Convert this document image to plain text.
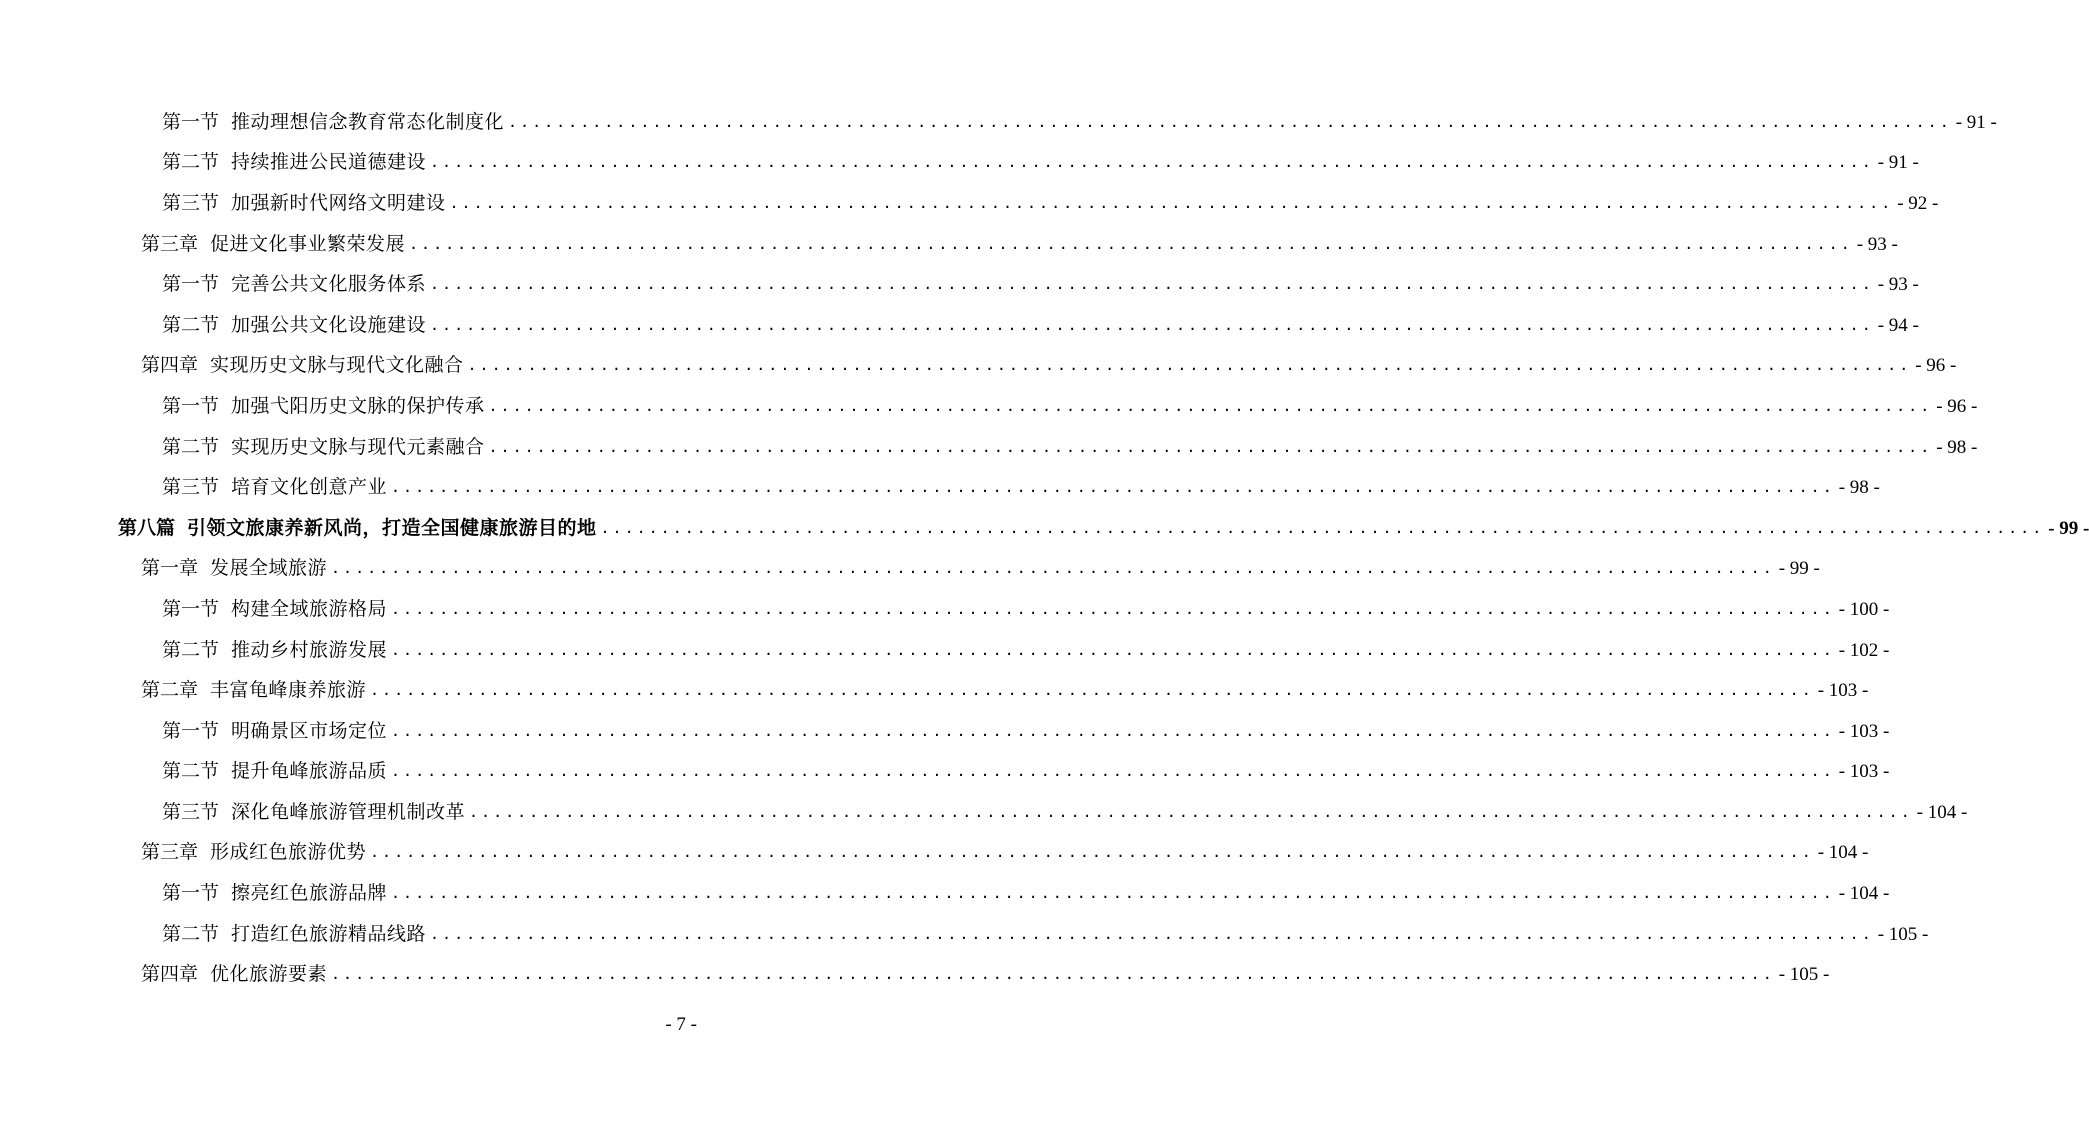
第一节 推动理想信念教育常态化制度化 ........................................................................................................................ - 91 -
第二节 持续推进公民道德建设 ........................................................................................................................ - 91 -
第三节 加强新时代网络文明建设 ........................................................................................................................ - 92 -
第三章 促进文化事业繁荣发展 ........................................................................................................................ - 93 -
第一节 完善公共文化服务体系 ........................................................................................................................ - 93 -
第二节 加强公共文化设施建设 ........................................................................................................................ - 94 -
第四章 实现历史文脉与现代文化融合 ........................................................................................................................ - 96 -
第一节 加强弋阳历史文脉的保护传承 ........................................................................................................................ - 96 -
第二节 实现历史文脉与现代元素融合 ........................................................................................................................ - 98 -
第三节 培育文化创意产业 ........................................................................................................................ - 98 -
第八篇 引领文旅康养新风尚，打造全国健康旅游目的地 ........................................................................................................................ - 99 -
第一章 发展全域旅游 ........................................................................................................................ - 99 -
第一节 构建全域旅游格局 ........................................................................................................................ - 100 -
第二节 推动乡村旅游发展 ........................................................................................................................ - 102 -
第二章 丰富龟峰康养旅游 ........................................................................................................................ - 103 -
第一节 明确景区市场定位 ........................................................................................................................ - 103 -
第二节 提升龟峰旅游品质 ........................................................................................................................ - 103 -
第三节 深化龟峰旅游管理机制改革 ........................................................................................................................ - 104 -
第三章 形成红色旅游优势 ........................................................................................................................ - 104 -
第一节 擦亮红色旅游品牌 ........................................................................................................................ - 104 -
第二节 打造红色旅游精品线路 ........................................................................................................................ - 105 -
第四章 优化旅游要素 ........................................................................................................................ - 105 -
- 7 -
